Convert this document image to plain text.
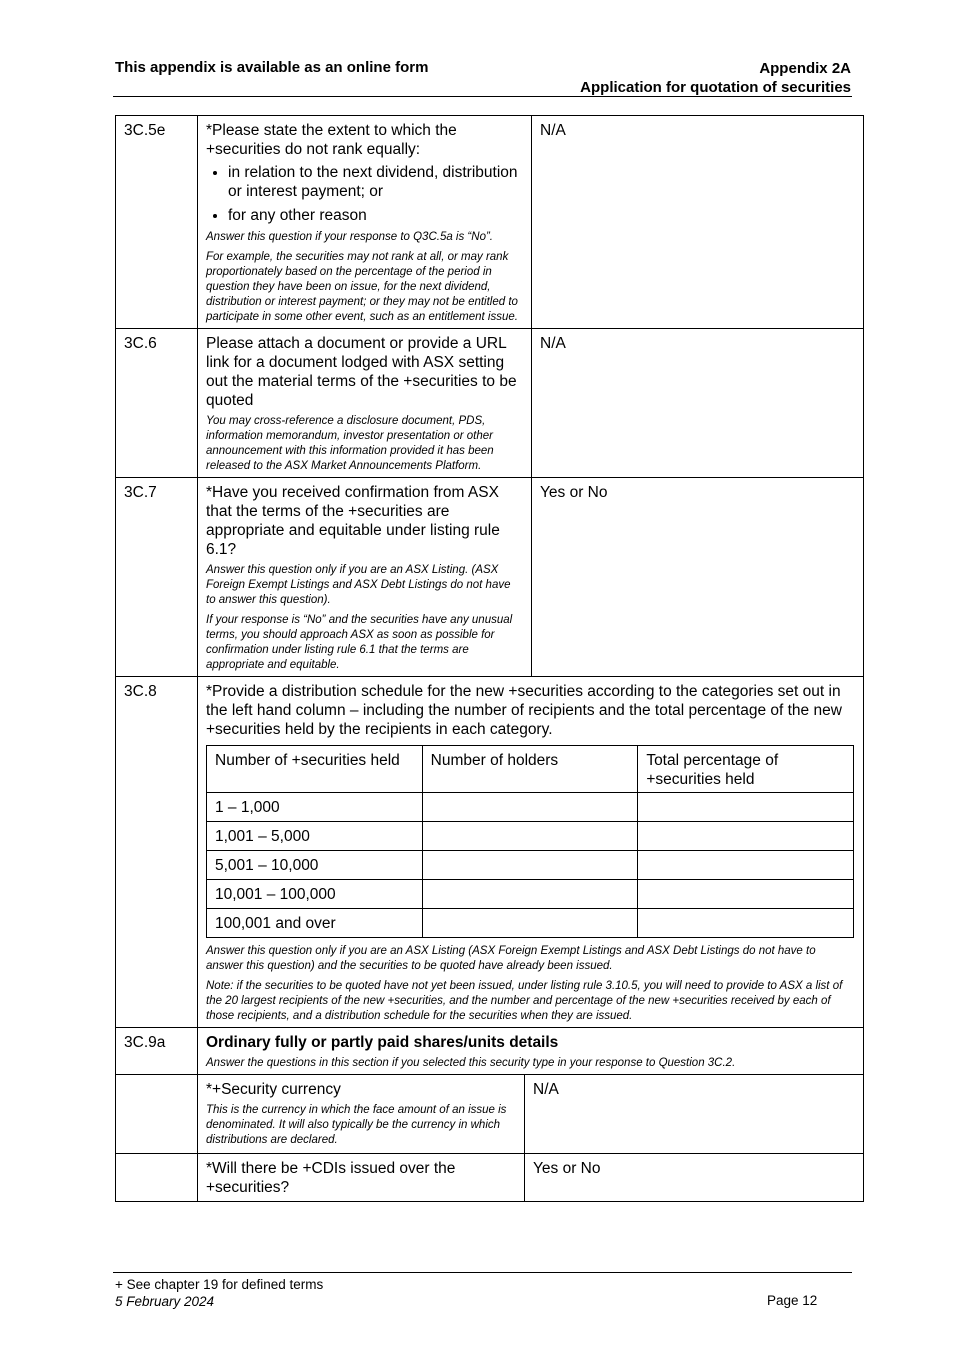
This appendix is available as an online form	Appendix 2A
Application for quotation of securities
3C.5e	*Please state the extent to which the +securities do not rank equally:
• in relation to the next dividend, distribution or interest payment; or
• for any other reason
Answer this question if your response to Q3C.5a is “No”.
For example, the securities may not rank at all, or may rank proportionately based on the percentage of the period in question they have been on issue, for the next dividend, distribution or interest payment; or they may not be entitled to participate in some other event, such as an entitlement issue.
	N/A
3C.6	Please attach a document or provide a URL link for a document lodged with ASX setting out the material terms of the +securities to be quoted
You may cross-reference a disclosure document, PDS, information memorandum, investor presentation or other announcement with this information provided it has been released to the ASX Market Announcements Platform.
	N/A
3C.7	*Have you received confirmation from ASX that the terms of the +securities are appropriate and equitable under listing rule 6.1?
Answer this question only if you are an ASX Listing. (ASX Foreign Exempt Listings and ASX Debt Listings do not have to answer this question).
If your response is “No” and the securities have any unusual terms, you should approach ASX as soon as possible for confirmation under listing rule 6.1 that the terms are appropriate and equitable.
	Yes or No
3C.8	*Provide a distribution schedule for the new +securities according to the categories set out in the left hand column – including the number of recipients and the total percentage of the new +securities held by the recipients in each category.
Number of +securities held	Number of holders	Total percentage of +securities held
1 – 1,000		
1,001 – 5,000		
5,001 – 10,000		
10,001 – 100,000		
100,001 and over		
Answer this question only if you are an ASX Listing (ASX Foreign Exempt Listings and ASX Debt Listings do not have to answer this question) and the securities to be quoted have already been issued.
Note: if the securities to be quoted have not yet been issued, under listing rule 3.10.5, you will need to provide to ASX a list of the 20 largest recipients of the new +securities, and the number and percentage of the new +securities received by each of those recipients, and a distribution schedule for the securities when they are issued.

3C.9a	Ordinary fully or partly paid shares/units details
Answer the questions in this section if you selected this security type in your response to Question 3C.2.

*+Security currency
This is the currency in which the face amount of an issue is denominated. It will also typically be the currency in which distributions are declared.
	N/A

*Will there be +CDIs issued over the +securities?
	Yes or No
+ See chapter 19 for defined terms
5 February 2024	Page 12
